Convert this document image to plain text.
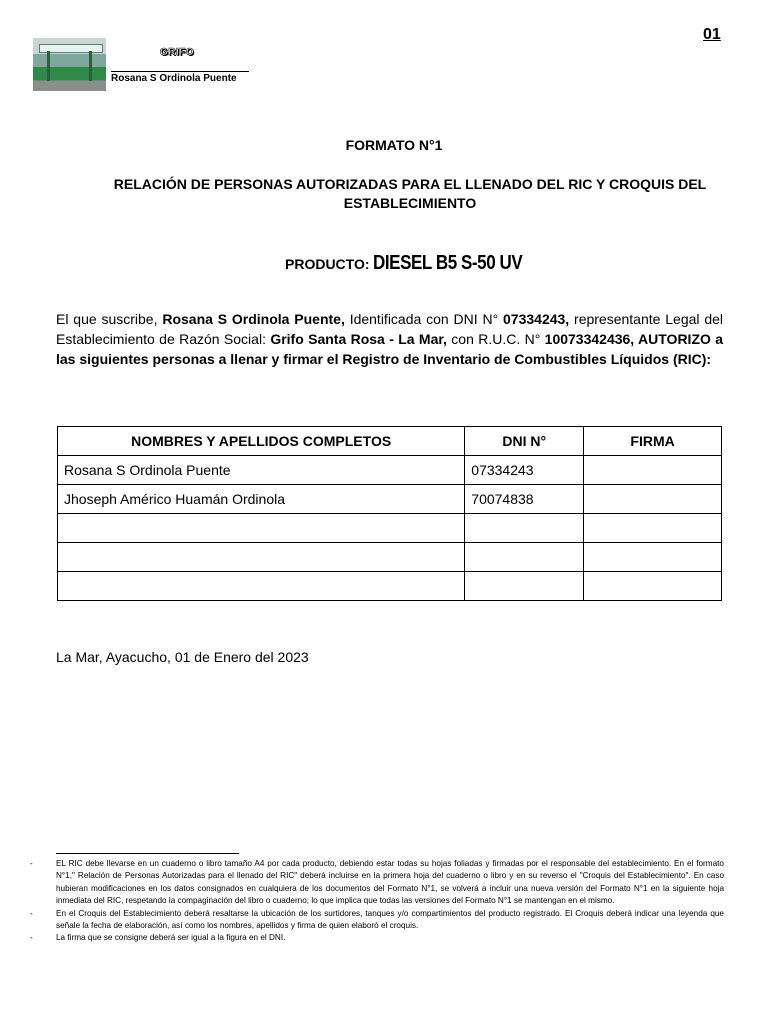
01
GRIFO
Rosana S Ordinola Puente
FORMATO N°1
RELACIÓN DE PERSONAS AUTORIZADAS PARA EL LLENADO DEL RIC Y CROQUIS DEL ESTABLECIMIENTO
PRODUCTO: DIESEL B5 S-50 UV
El que suscribe, Rosana S Ordinola Puente, Identificada con DNI N° 07334243, representante Legal del Establecimiento de Razón Social: Grifo Santa Rosa - La Mar, con R.U.C. N° 10073342436, AUTORIZO a las siguientes personas a llenar y firmar el Registro de Inventario de Combustibles Líquidos (RIC):
NOMBRES Y APELLIDOS COMPLETOS	DNI N°	FIRMA
Rosana S Ordinola Puente	07334243	
Jhoseph Américo Huamán Ordinola	70074838	

La Mar, Ayacucho, 01 de Enero del 2023
-	EL RIC debe llevarse en un cuaderno o libro tamaño A4 por cada producto, debiendo estar todas su hojas foliadas y firmadas por el responsable del establecimiento. En el formato N°1," Relación de Personas Autorizadas para el llenado del RIC" deberá incluirse en la primera hoja del cuaderno o libro y en su reverso el "Croquis del Establecimiento". En caso hubieran modificaciones en los datos consignados en cualquiera de los documentos del Formato N°1, se volverá a incluir una nueva versión del Formato N°1 en la siguiente hoja inmediata del RIC, respetando la compaginación del libro o cuaderno; lo que implica que todas las versiones del Formato N°1 se mantengan en el mismo.
-	En el Croquis del Establecimiento deberá resaltarse la ubicación de los surtidores, tanques y/o compartimientos del producto registrado. El Croquis deberá indicar una leyenda que señale la fecha de elaboración, así como los nombres, apellidos y firma de quien elaboró el croquis.
-	La firma que se consigne deberá ser igual a la figura en el DNI.
